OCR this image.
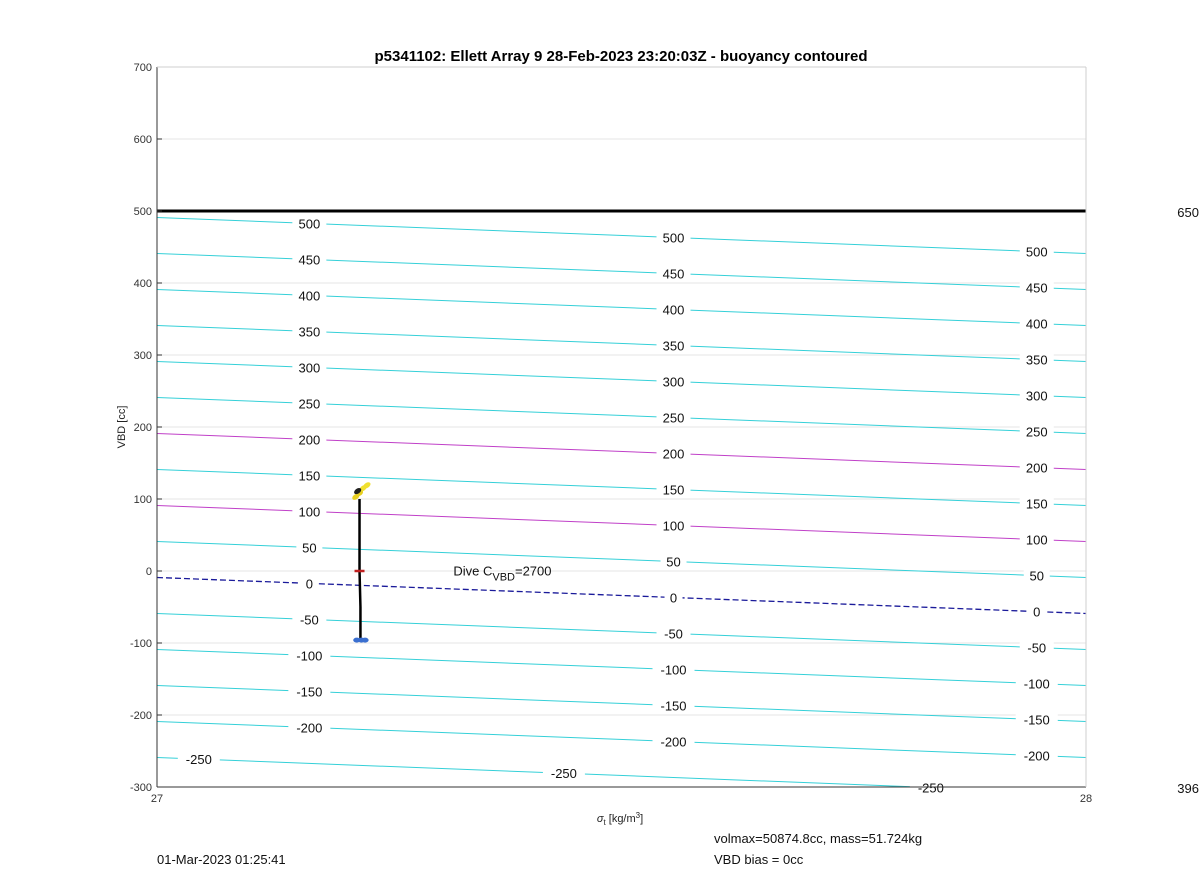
p5341102: Ellett Array 9 28-Feb-2023 23:20:03Z - buoyancy contoured
500
500
500
450
450
450
400
400
400
350
350
350
300
300
300
250
250
250
200
200
200
150
150
150
100
100
100
50
50
50
0
0
0
-50
-50
-50
-100
-100
-100
-150
-150
-150
-200
-200
-200
-250
-250
-250
700
600
500
400
300
200
100
0
-100
-200
-300
27	28
650
396
Dive $C_{VBD}=2700$
VBD [cc]
$\sigma_t$ $[kg/m^3]$
01-Mar-2023 01:25:41
volmax=50874.8cc, mass=51.724kg
VBD bias = 0cc
